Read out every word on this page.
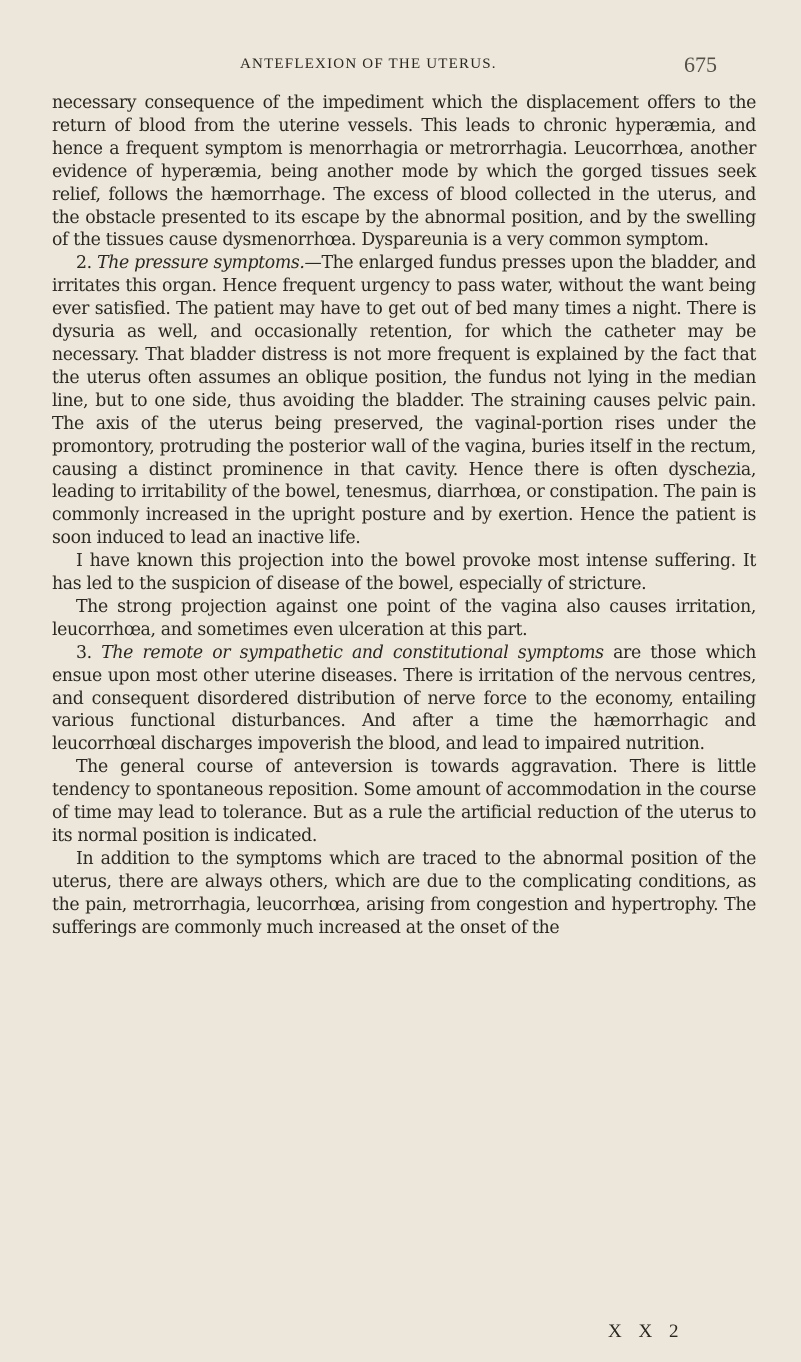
ANTEFLEXION OF THE UTERUS.	675

necessary consequence of the impediment which the displacement offers to the return of blood from the uterine vessels. This leads to chronic hyperæmia, and hence a frequent symptom is menorrhagia or metrorrhagia. Leucorrhœa, another evidence of hyperæmia, being another mode by which the gorged tissues seek relief, follows the hæmorrhage. The excess of blood collected in the uterus, and the obstacle presented to its escape by the abnormal position, and by the swelling of the tissues cause dysmenorrhœa. Dyspareunia is a very common symptom.

2. The pressure symptoms.—The enlarged fundus presses upon the bladder, and irritates this organ. Hence frequent urgency to pass water, without the want being ever satisfied. The patient may have to get out of bed many times a night. There is dysuria as well, and occasionally retention, for which the catheter may be necessary. That bladder distress is not more frequent is explained by the fact that the uterus often assumes an oblique position, the fundus not lying in the median line, but to one side, thus avoiding the bladder. The straining causes pelvic pain. The axis of the uterus being preserved, the vaginal-portion rises under the promontory, protruding the posterior wall of the vagina, buries itself in the rectum, causing a distinct prominence in that cavity. Hence there is often dyschezia, leading to irritability of the bowel, tenesmus, diarrhœa, or constipation. The pain is commonly increased in the upright posture and by exertion. Hence the patient is soon induced to lead an inactive life.

I have known this projection into the bowel provoke most intense suffering. It has led to the suspicion of disease of the bowel, especially of stricture.

The strong projection against one point of the vagina also causes irritation, leucorrhœa, and sometimes even ulceration at this part.

3. The remote or sympathetic and constitutional symptoms are those which ensue upon most other uterine diseases. There is irritation of the nervous centres, and consequent disordered distribution of nerve force to the economy, entailing various functional disturbances. And after a time the hæmorrhagic and leucorrhœal discharges impoverish the blood, and lead to impaired nutrition.

The general course of anteversion is towards aggravation. There is little tendency to spontaneous reposition. Some amount of accommodation in the course of time may lead to tolerance. But as a rule the artificial reduction of the uterus to its normal position is indicated.

In addition to the symptoms which are traced to the abnormal position of the uterus, there are always others, which are due to the complicating conditions, as the pain, metrorrhagia, leucorrhœa, arising from congestion and hypertrophy. The sufferings are commonly much increased at the onset of the

X X 2
